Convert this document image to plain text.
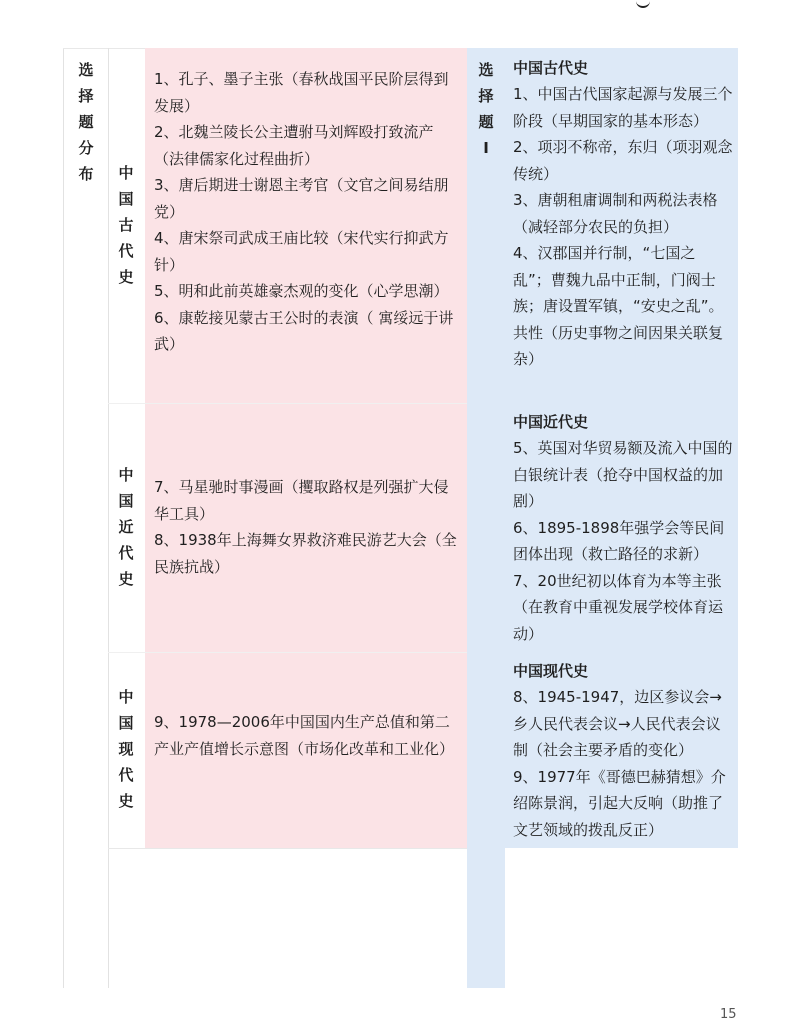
选择题分布 中国古代史
中国近代史
中国现代史
1、孔子、墨子主张（春秋战国平民阶层得到发展）
2、北魏兰陵长公主遭驸马刘辉殴打致流产（法律儒家化过程曲折）
3、唐后期进士谢恩主考官（文官之间易结朋党）
4、唐宋祭司武成王庙比较（宋代实行抑武方针）
5、明和此前英雄豪杰观的变化（心学思潮）
6、康乾接见蒙古王公时的表演（ 寓绥远于讲武）
7、马星驰时事漫画（攫取路权是列强扩大侵华工具）
8、1938年上海舞女界救济难民游艺大会（全民族抗战）
9、1978—2006年中国国内生产总值和第二产业产值增长示意图（市场化改革和工业化）
选择题Ⅰ
中国古代史
1、中国古代国家起源与发展三个阶段（早期国家的基本形态）
2、项羽不称帝，东归（项羽观念传统）
3、唐朝租庸调制和两税法表格（减轻部分农民的负担）
4、汉郡国并行制，“七国之乱”；曹魏九品中正制，门阀士族；唐设置军镇，“安史之乱”。共性（历史事物之间因果关联复杂）
中国近代史
5、英国对华贸易额及流入中国的白银统计表（抢夺中国权益的加剧）
6、1895-1898年强学会等民间团体出现（救亡路径的求新）
7、20世纪初以体育为本等主张（在教育中重视发展学校体育运动）
中国现代史
8、1945-1947，边区参议会→乡人民代表会议→人民代表会议制（社会主要矛盾的变化）
9、1977年《哥德巴赫猜想》介绍陈景润，引起大反响（助推了文艺领域的拨乱反正）
15
